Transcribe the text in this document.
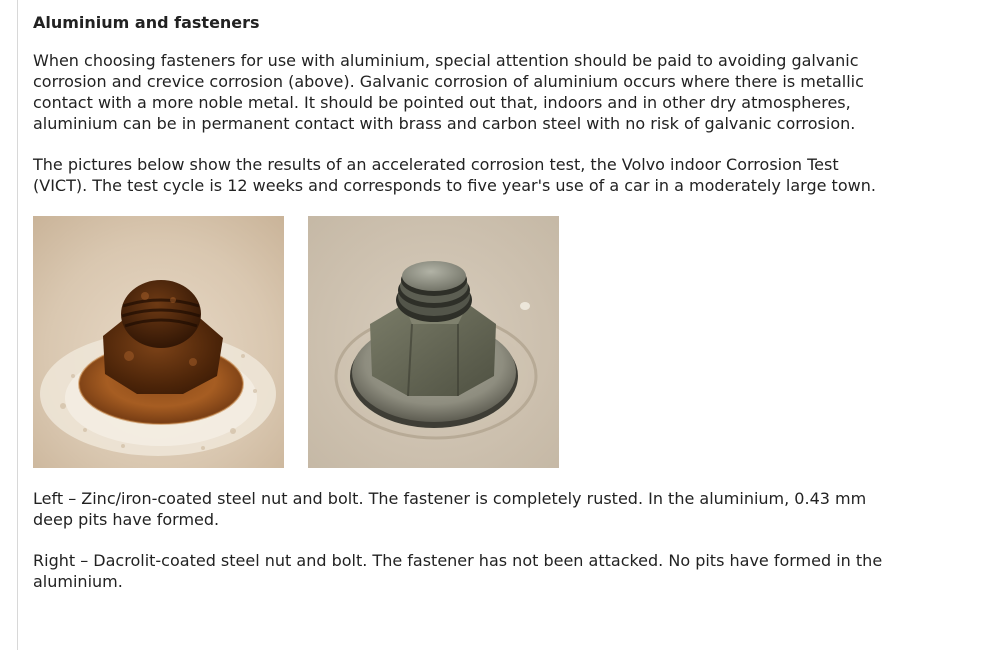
Aluminium and fasteners

When choosing fasteners for use with aluminium, special attention should be paid to avoiding galvanic corrosion and crevice corrosion (above). Galvanic corrosion of aluminium occurs where there is metallic contact with a more noble metal. It should be pointed out that, indoors and in other dry atmospheres, aluminium can be in permanent contact with brass and carbon steel with no risk of galvanic corrosion.

The pictures below show the results of an accelerated corrosion test, the Volvo indoor Corrosion Test (VICT). The test cycle is 12 weeks and corresponds to five year's use of a car in a moderately large town.

Left – Zinc/iron-coated steel nut and bolt. The fastener is completely rusted. In the aluminium, 0.43 mm deep pits have formed.

Right – Dacrolit-coated steel nut and bolt. The fastener has not been attacked. No pits have formed in the aluminium.
